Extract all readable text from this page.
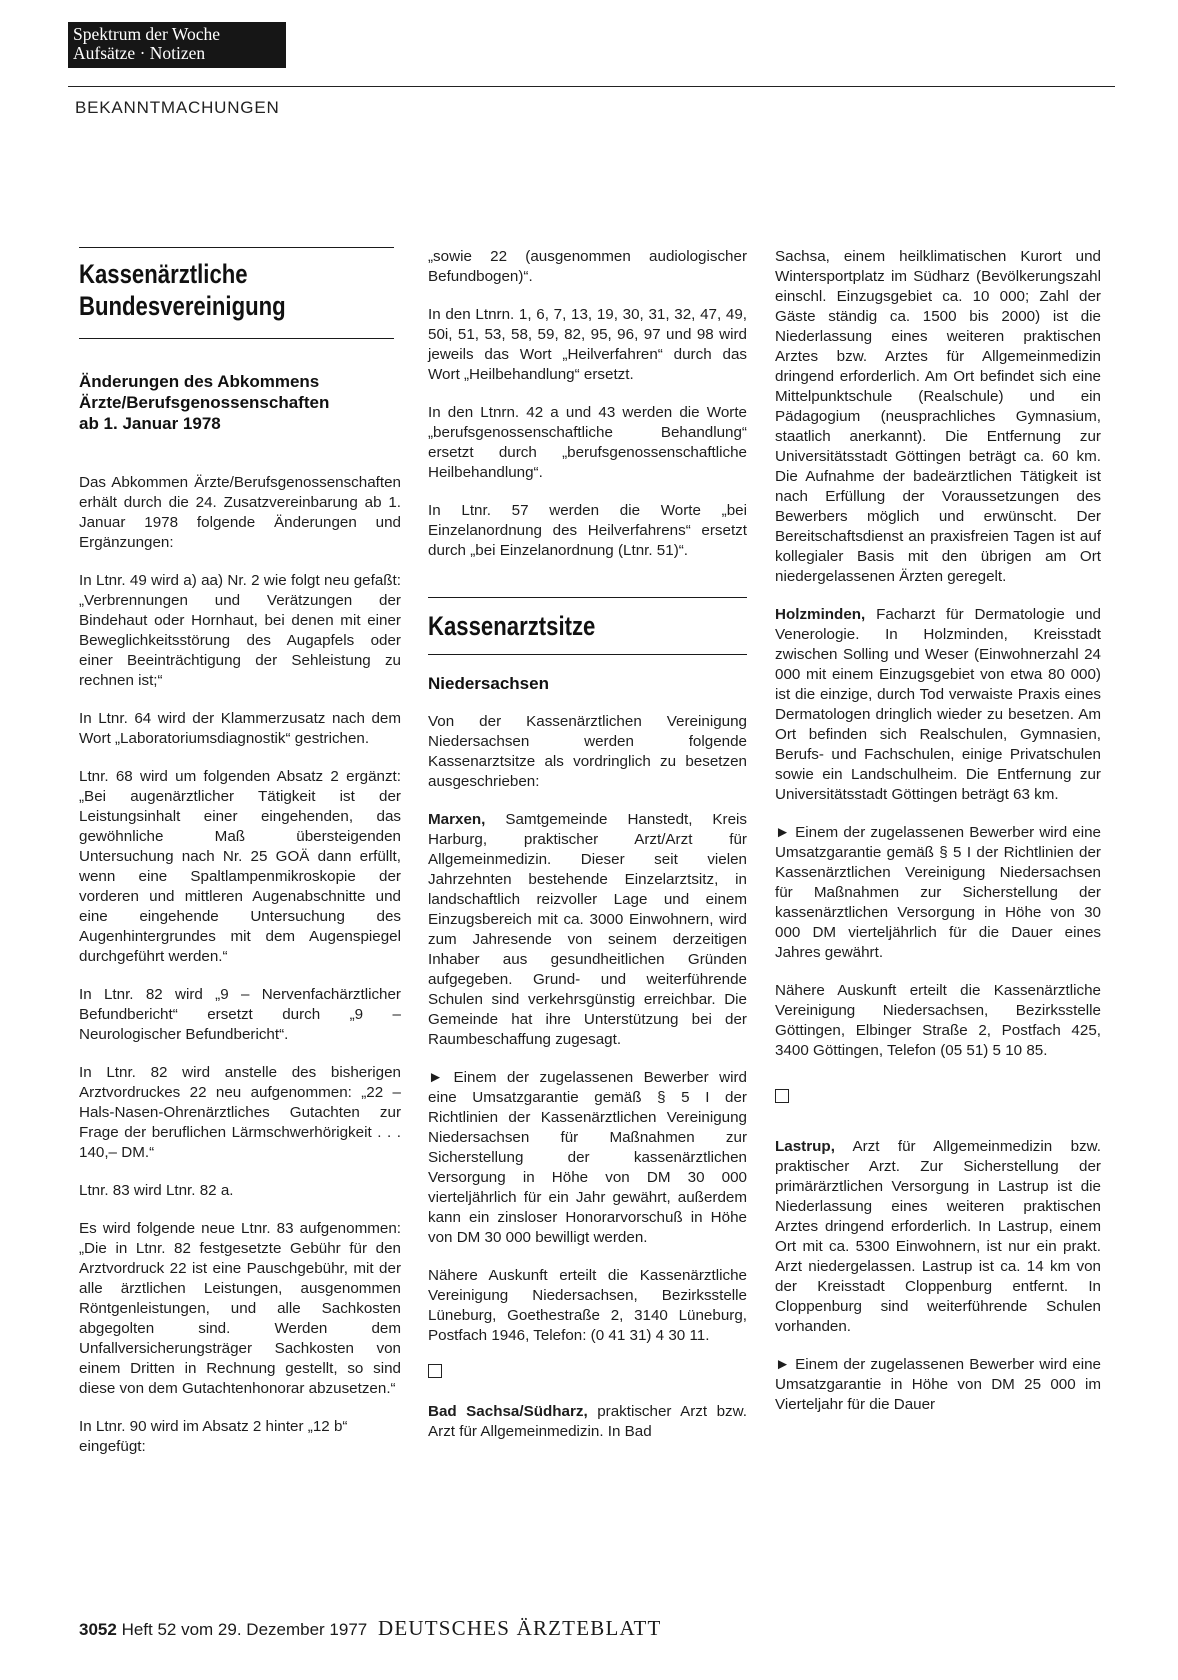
Spektrum der Woche
Aufsätze · Notizen
BEKANNTMACHUNGEN
Kassenärztliche
Bundesvereinigung
Änderungen des Abkommens
Ärzte/Berufsgenossenschaften
ab 1. Januar 1978

Das Abkommen Ärzte/Berufsgenossenschaften erhält durch die 24. Zusatzvereinbarung ab 1. Januar 1978 folgende Änderungen und Ergänzungen:

In Ltnr. 49 wird a) aa) Nr. 2 wie folgt neu gefaßt: „Verbrennungen und Verätzungen der Bindehaut oder Hornhaut, bei denen mit einer Beweglichkeitsstörung des Augapfels oder einer Beeinträchtigung der Sehleistung zu rechnen ist;“

In Ltnr. 64 wird der Klammerzusatz nach dem Wort „Laboratoriumsdiagnostik“ gestrichen.

Ltnr. 68 wird um folgenden Absatz 2 ergänzt: „Bei augenärztlicher Tätigkeit ist der Leistungsinhalt einer eingehenden, das gewöhnliche Maß übersteigenden Untersuchung nach Nr. 25 GOÄ dann erfüllt, wenn eine Spaltlampenmikroskopie der vorderen und mittleren Augenabschnitte und eine eingehende Untersuchung des Augenhintergrundes mit dem Augenspiegel durchgeführt werden.“

In Ltnr. 82 wird „9 – Nervenfachärztlicher Befundbericht“ ersetzt durch „9 – Neurologischer Befundbericht“.

In Ltnr. 82 wird anstelle des bisherigen Arztvordruckes 22 neu aufgenommen: „22 – Hals-Nasen-Ohrenärztliches Gutachten zur Frage der beruflichen Lärmschwerhörigkeit . . . 140,– DM.“

Ltnr. 83 wird Ltnr. 82 a.

Es wird folgende neue Ltnr. 83 aufgenommen: „Die in Ltnr. 82 festgesetzte Gebühr für den Arztvordruck 22 ist eine Pauschgebühr, mit der alle ärztlichen Leistungen, ausgenommen Röntgenleistungen, und alle Sachkosten abgegolten sind. Werden dem Unfallversicherungsträger Sachkosten von einem Dritten in Rechnung gestellt, so sind diese von dem Gutachtenhonorar abzusetzen.“

In Ltnr. 90 wird im Absatz 2 hinter „12 b“ eingefügt:

„sowie 22 (ausgenommen audiologischer Befundbogen)“.

In den Ltnrn. 1, 6, 7, 13, 19, 30, 31, 32, 47, 49, 50i, 51, 53, 58, 59, 82, 95, 96, 97 und 98 wird jeweils das Wort „Heilverfahren“ durch das Wort „Heilbehandlung“ ersetzt.

In den Ltnrn. 42 a und 43 werden die Worte „berufsgenossenschaftliche Behandlung“ ersetzt durch „berufsgenossenschaftliche Heilbehandlung“.

In Ltnr. 57 werden die Worte „bei Einzelanordnung des Heilverfahrens“ ersetzt durch „bei Einzelanordnung (Ltnr. 51)“.

Kassenarztsitze
Niedersachsen

Von der Kassenärztlichen Vereinigung Niedersachsen werden folgende Kassenarztsitze als vordringlich zu besetzen ausgeschrieben:

Marxen, Samtgemeinde Hanstedt, Kreis Harburg, praktischer Arzt/Arzt für Allgemeinmedizin. Dieser seit vielen Jahrzehnten bestehende Einzelarztsitz, in landschaftlich reizvoller Lage und einem Einzugsbereich mit ca. 3000 Einwohnern, wird zum Jahresende von seinem derzeitigen Inhaber aus gesundheitlichen Gründen aufgegeben. Grund- und weiterführende Schulen sind verkehrsgünstig erreichbar. Die Gemeinde hat ihre Unterstützung bei der Raumbeschaffung zugesagt.

► Einem der zugelassenen Bewerber wird eine Umsatzgarantie gemäß § 5 I der Richtlinien der Kassenärztlichen Vereinigung Niedersachsen für Maßnahmen zur Sicherstellung der kassenärztlichen Versorgung in Höhe von DM 30 000 vierteljährlich für ein Jahr gewährt, außerdem kann ein zinsloser Honorarvorschuß in Höhe von DM 30 000 bewilligt werden.

Nähere Auskunft erteilt die Kassenärztliche Vereinigung Niedersachsen, Bezirksstelle Lüneburg, Goethestraße 2, 3140 Lüneburg, Postfach 1946, Telefon: (0 41 31) 4 30 11.

Bad Sachsa/Südharz, praktischer Arzt bzw. Arzt für Allgemeinmedizin. In Bad

Sachsa, einem heilklimatischen Kurort und Wintersportplatz im Südharz (Bevölkerungszahl einschl. Einzugsgebiet ca. 10 000; Zahl der Gäste ständig ca. 1500 bis 2000) ist die Niederlassung eines weiteren praktischen Arztes bzw. Arztes für Allgemeinmedizin dringend erforderlich. Am Ort befindet sich eine Mittelpunktschule (Realschule) und ein Pädagogium (neusprachliches Gymnasium, staatlich anerkannt). Die Entfernung zur Universitätsstadt Göttingen beträgt ca. 60 km. Die Aufnahme der badeärztlichen Tätigkeit ist nach Erfüllung der Voraussetzungen des Bewerbers möglich und erwünscht. Der Bereitschaftsdienst an praxisfreien Tagen ist auf kollegialer Basis mit den übrigen am Ort niedergelassenen Ärzten geregelt.

Holzminden, Facharzt für Dermatologie und Venerologie. In Holzminden, Kreisstadt zwischen Solling und Weser (Einwohnerzahl 24 000 mit einem Einzugsgebiet von etwa 80 000) ist die einzige, durch Tod verwaiste Praxis eines Dermatologen dringlich wieder zu besetzen. Am Ort befinden sich Realschulen, Gymnasien, Berufs- und Fachschulen, einige Privatschulen sowie ein Landschulheim. Die Entfernung zur Universitätsstadt Göttingen beträgt 63 km.

► Einem der zugelassenen Bewerber wird eine Umsatzgarantie gemäß § 5 I der Richtlinien der Kassenärztlichen Vereinigung Niedersachsen für Maßnahmen zur Sicherstellung der kassenärztlichen Versorgung in Höhe von 30 000 DM vierteljährlich für die Dauer eines Jahres gewährt.

Nähere Auskunft erteilt die Kassenärztliche Vereinigung Niedersachsen, Bezirksstelle Göttingen, Elbinger Straße 2, Postfach 425, 3400 Göttingen, Telefon (05 51) 5 10 85.

Lastrup, Arzt für Allgemeinmedizin bzw. praktischer Arzt. Zur Sicherstellung der primärärztlichen Versorgung in Lastrup ist die Niederlassung eines weiteren praktischen Arztes dringend erforderlich. In Lastrup, einem Ort mit ca. 5300 Einwohnern, ist nur ein prakt. Arzt niedergelassen. Lastrup ist ca. 14 km von der Kreisstadt Cloppenburg entfernt. In Cloppenburg sind weiterführende Schulen vorhanden.

► Einem der zugelassenen Bewerber wird eine Umsatzgarantie in Höhe von DM 25 000 im Vierteljahr für die Dauer

3052 Heft 52 vom 29. Dezember 1977 DEUTSCHES ÄRZTEBLATT
